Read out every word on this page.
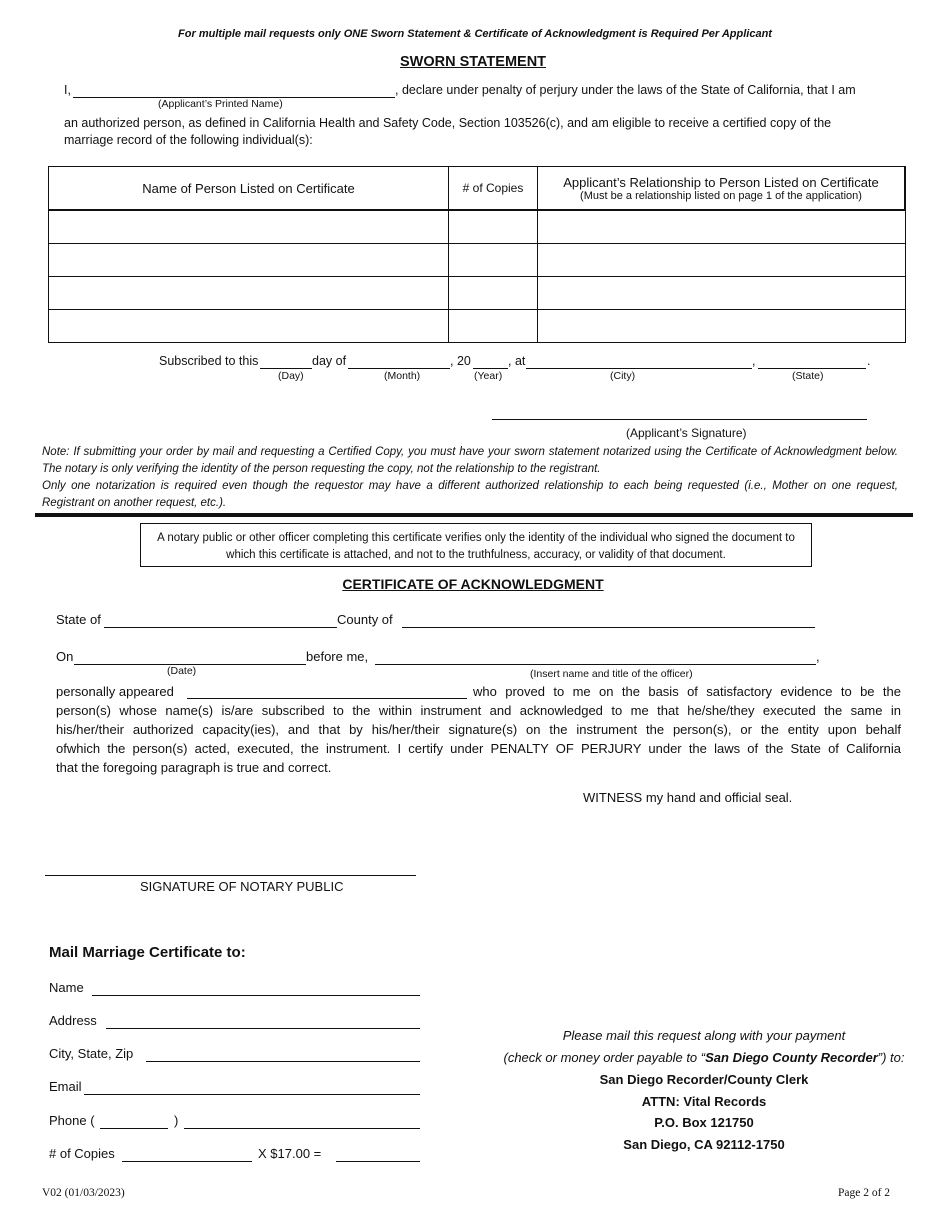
For multiple mail requests only ONE Sworn Statement & Certificate of Acknowledgment is Required Per Applicant
SWORN STATEMENT
I,	, declare under penalty of perjury under the laws of the State of California, that I am
(Applicant’s Printed Name)
an authorized person, as defined in California Health and Safety Code, Section 103526(c), and am eligible to receive a certified copy of the
marriage record of the following individual(s):
Name of Person Listed on Certificate	# of Copies	Applicant’s Relationship to Person Listed on Certificate
(Must be a relationship listed on page 1 of the application)

Subscribed to this	day of	, 20	, at	,	.
(Day)	(Month)	(Year)	(City)	(State)
(Applicant’s Signature)
Note: If submitting your order by mail and requesting a Certified Copy, you must have your sworn statement notarized using the Certificate of Acknowledgment below. The notary is only verifying the identity of the person requesting the copy, not the relationship to the registrant.
Only one notarization is required even though the requestor may have a different authorized relationship to each being requested (i.e., Mother on one request, Registrant on another request, etc.).
A notary public or other officer completing this certificate verifies only the identity of the individual who signed the document to which this certificate is attached, and not to the truthfulness, accuracy, or validity of that document.
CERTIFICATE OF ACKNOWLEDGMENT
State of	County of
On	before me,	,
(Date)	(Insert name and title of the officer)
personally appeared	who proved to me on the basis of satisfactory evidence to be the
person(s) whose name(s) is/are subscribed to the within instrument and acknowledged to me that he/she/they executed the same in
his/her/their authorized capacity(ies), and that by his/her/their signature(s) on the instrument the person(s), or the entity upon behalf
ofwhich the person(s) acted, executed, the instrument. I certify under PENALTY OF PERJURY under the laws of the State of California
that the foregoing paragraph is true and correct.
WITNESS my hand and official seal.
SIGNATURE OF NOTARY PUBLIC
Mail Marriage Certificate to:
Name
Address
City, State, Zip
Email
Phone (	)
# of Copies	X $17.00 =
Please mail this request along with your payment
(check or money order payable to “San Diego County Recorder”) to:
San Diego Recorder/County Clerk
ATTN: Vital Records
P.O. Box 121750
San Diego, CA 92112-1750
V02 (01/03/2023)	Page 2 of 2
